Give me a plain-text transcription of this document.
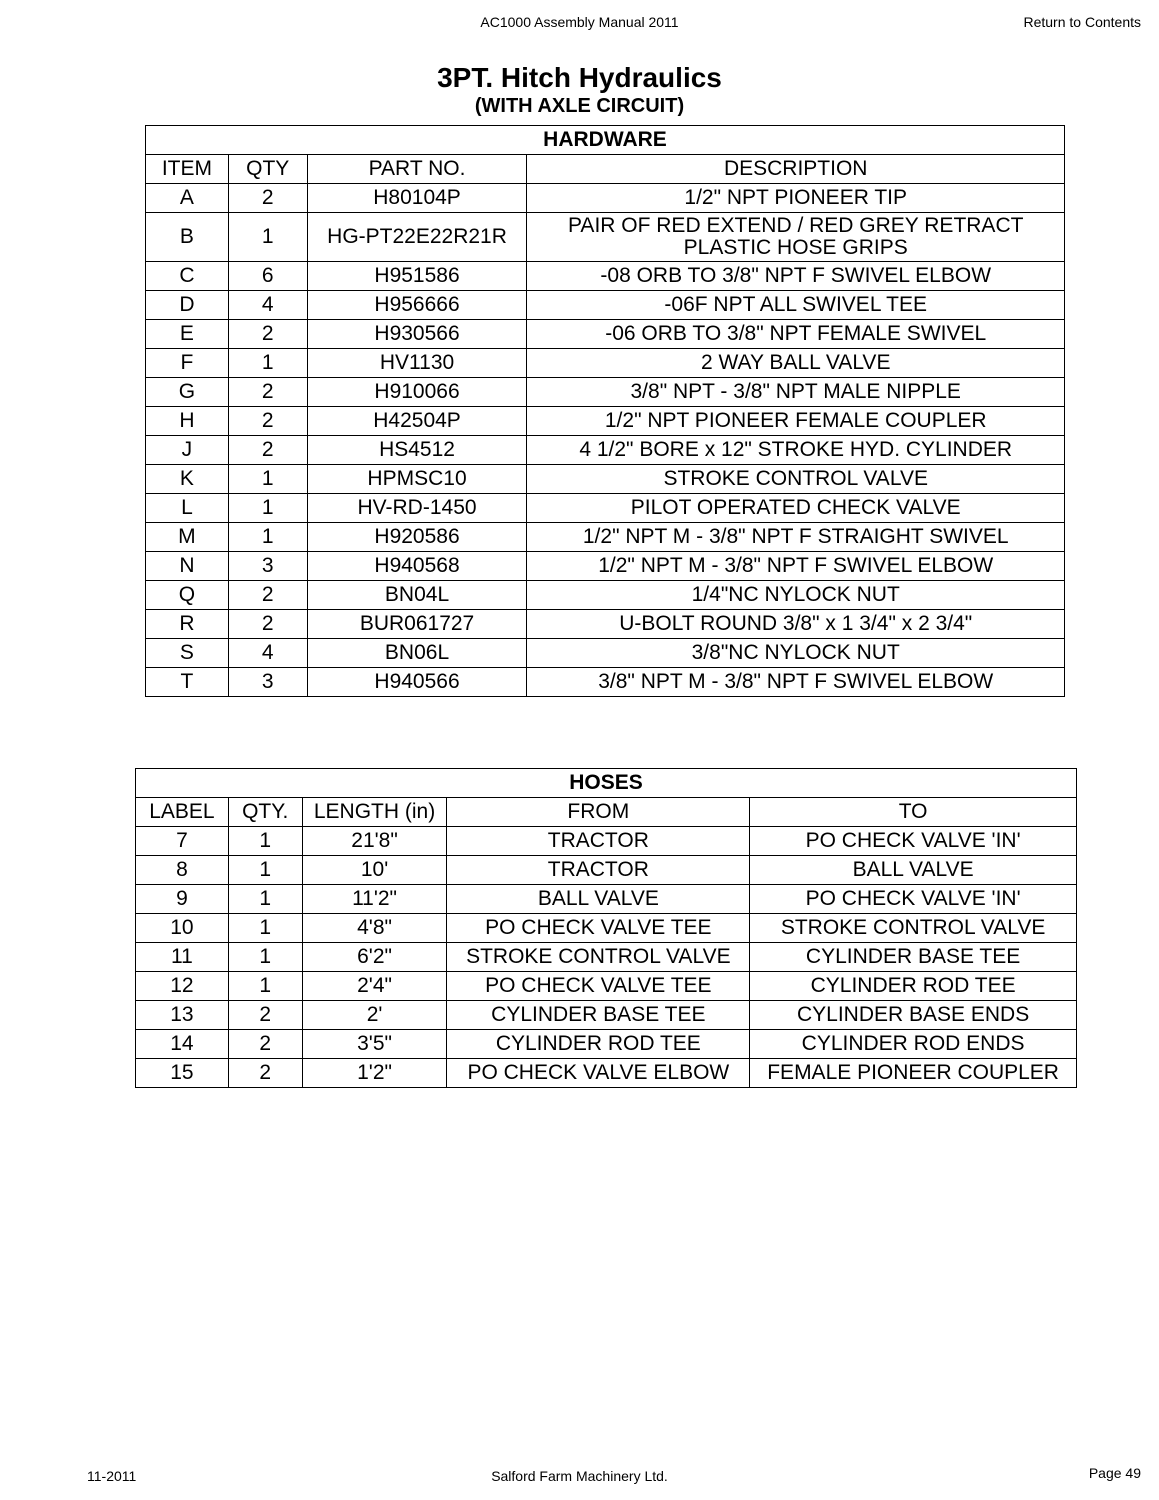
AC1000 Assembly Manual 2011	Return to Contents
3PT. Hitch Hydraulics
(WITH AXLE CIRCUIT)
HARDWARE			
ITEM	QTY	PART NO.	DESCRIPTION
A	2	H80104P	1/2" NPT PIONEER TIP
B	1	HG-PT22E22R21R	PAIR OF RED EXTEND / RED GREY RETRACT
PLASTIC HOSE GRIPS

C	6	H951586	-08 ORB TO 3/8" NPT F SWIVEL ELBOW
D	4	H956666	-06F NPT ALL SWIVEL TEE
E	2	H930566	-06 ORB TO 3/8" NPT FEMALE SWIVEL
F	1	HV1130	2 WAY BALL VALVE
G	2	H910066	3/8" NPT - 3/8" NPT MALE NIPPLE
H	2	H42504P	1/2" NPT PIONEER FEMALE COUPLER
J	2	HS4512	4 1/2" BORE x 12" STROKE HYD. CYLINDER
K	1	HPMSC10	STROKE CONTROL VALVE
L	1	HV-RD-1450	PILOT OPERATED CHECK VALVE
M	1	H920586	1/2" NPT M - 3/8" NPT F STRAIGHT SWIVEL
N	3	H940568	1/2" NPT M - 3/8" NPT F SWIVEL ELBOW
Q	2	BN04L	1/4"NC NYLOCK NUT
R	2	BUR061727	U-BOLT ROUND 3/8" x 1 3/4" x 2 3/4"
S	4	BN06L	3/8"NC NYLOCK NUT
T	3	H940566	3/8" NPT M - 3/8" NPT F SWIVEL ELBOW
HOSES				
LABEL	QTY.	LENGTH (in)	FROM	TO
7	1	21'8"	TRACTOR	PO CHECK VALVE 'IN'
8	1	10'	TRACTOR	BALL VALVE
9	1	11'2"	BALL VALVE	PO CHECK VALVE 'IN'
10	1	4'8"	PO CHECK VALVE TEE	STROKE CONTROL VALVE
11	1	6'2"	STROKE CONTROL VALVE	CYLINDER BASE TEE
12	1	2'4"	PO CHECK VALVE TEE	CYLINDER ROD TEE
13	2	2'	CYLINDER BASE TEE	CYLINDER BASE ENDS
14	2	3'5"	CYLINDER ROD TEE	CYLINDER ROD ENDS
15	2	1'2"	PO CHECK VALVE ELBOW	FEMALE PIONEER COUPLER
11-2011	Salford Farm Machinery Ltd.	Page 49
